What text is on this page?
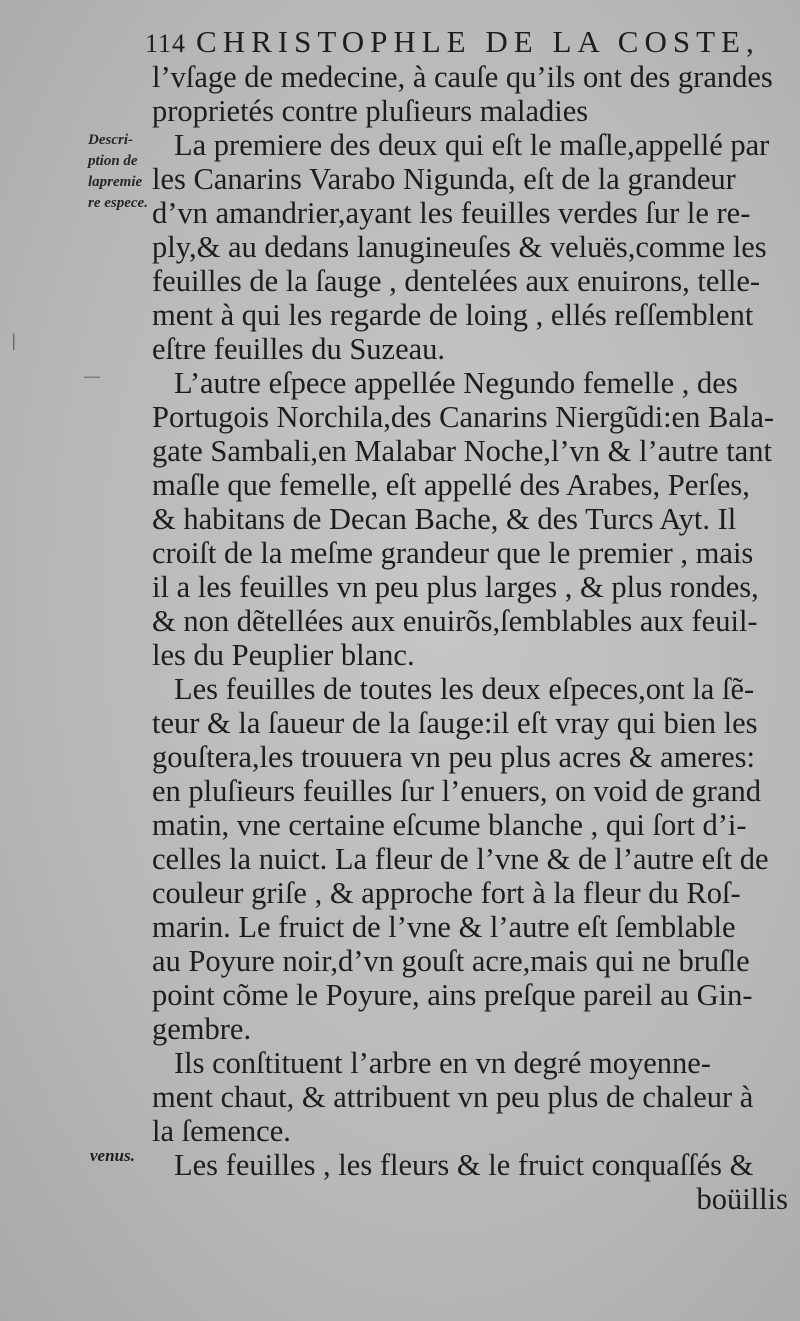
114 CHRISTOPHLE DE LA COSTE,
Descri-
ption de
lapremie
re espece.
—
|
l’vſage de medecine, à cauſe qu’ils ont des grandes
proprietés contre pluſieurs maladies
La premiere des deux qui eſt le maſle,appellé par
les Canarins Varabo Nigunda, eſt de la grandeur
d’vn amandrier,ayant les feuilles verdes ſur le re-
ply,& au dedans lanugineuſes & veluës,comme les
feuilles de la ſauge , dentelées aux enuirons, telle-
ment à qui les regarde de loing , ellés reſſemblent
eſtre feuilles du Suzeau.
L’autre eſpece appellée Negundo femelle , des
Portugois Norchila,des Canarins Niergũdi:en Bala-
gate Sambali,en Malabar Noche,l’vn & l’autre tant
maſle que femelle, eſt appellé des Arabes, Perſes,
& habitans de Decan Bache, & des Turcs Ayt. Il
croiſt de la meſme grandeur que le premier , mais
il a les feuilles vn peu plus larges , & plus rondes,
& non dẽtellées aux enuirõs,ſemblables aux feuil-
les du Peuplier blanc.
Les feuilles de toutes les deux eſpeces,ont la ſẽ-
teur & la ſaueur de la ſauge:il eſt vray qui bien les
gouſtera,les trouuera vn peu plus acres & ameres:
en pluſieurs feuilles ſur l’enuers, on void de grand
matin, vne certaine eſcume blanche , qui ſort d’i-
celles la nuict. La fleur de l’vne & de l’autre eſt de
couleur griſe , & approche fort à la fleur du Roſ-
marin. Le fruict de l’vne & l’autre eſt ſemblable
au Poyure noir,d’vn gouſt acre,mais qui ne bruſle
point cõme le Poyure, ains preſque pareil au Gin-
gembre.
Ils conſtituent l’arbre en vn degré moyenne-
ment chaut, & attribuent vn peu plus de chaleur à
la ſemence.
Les feuilles , les fleurs & le fruict conquaſſés &
boüillis
venus.
